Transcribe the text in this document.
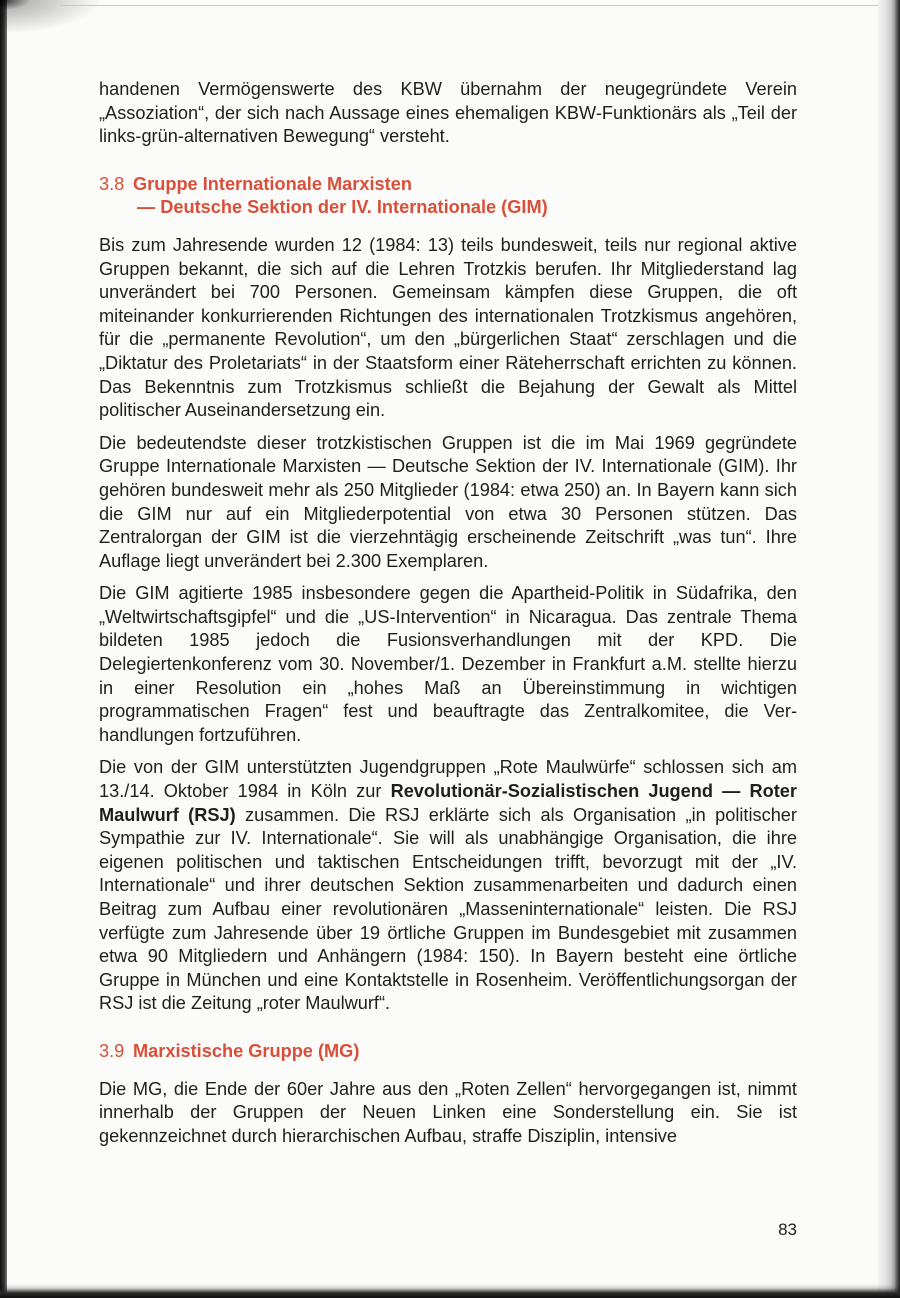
handenen Vermögenswerte des KBW übernahm der neugegründete Verein „Assoziation“, der sich nach Aussage eines ehemaligen KBW-Funktionärs als „Teil der links-grün-alternativen Bewegung“ versteht.

3.8 Gruppe Internationale Marxisten
— Deutsche Sektion der IV. Internationale (GIM)

Bis zum Jahresende wurden 12 (1984: 13) teils bundesweit, teils nur regional aktive Gruppen bekannt, die sich auf die Lehren Trotzkis berufen. Ihr Mitgliederstand lag unverändert bei 700 Personen. Gemeinsam kämpfen diese Gruppen, die oft miteinander konkurrierenden Richtungen des internationalen Trotzkismus angehören, für die „permanente Revolution“, um den „bürgerlichen Staat“ zerschlagen und die „Diktatur des Proletariats“ in der Staatsform einer Räteherrschaft errichten zu können. Das Bekenntnis zum Trotzkismus schließt die Bejahung der Gewalt als Mittel politischer Auseinandersetzung ein.

Die bedeutendste dieser trotzkistischen Gruppen ist die im Mai 1969 gegründete Gruppe Internationale Marxisten — Deutsche Sektion der IV. Internationale (GIM). Ihr gehören bundesweit mehr als 250 Mitglieder (1984: etwa 250) an. In Bayern kann sich die GIM nur auf ein Mitgliederpotential von etwa 30 Personen stützen. Das Zentralorgan der GIM ist die vierzehntägig erscheinende Zeitschrift „was tun“. Ihre Auflage liegt unverändert bei 2.300 Exemplaren.

Die GIM agitierte 1985 insbesondere gegen die Apartheid-Politik in Südafrika, den „Weltwirtschaftsgipfel“ und die „US-Intervention“ in Nicaragua. Das zentrale Thema bildeten 1985 jedoch die Fusionsverhandlungen mit der KPD. Die Delegiertenkonferenz vom 30. November/1. Dezember in Frankfurt a.M. stellte hierzu in einer Resolution ein „hohes Maß an Übereinstimmung in wichtigen programmatischen Fragen“ fest und beauftragte das Zentralkomitee, die Verhandlungen fortzuführen.

Die von der GIM unterstützten Jugendgruppen „Rote Maulwürfe“ schlossen sich am 13./14. Oktober 1984 in Köln zur Revolutionär-Sozialistischen Jugend — Roter Maulwurf (RSJ) zusammen. Die RSJ erklärte sich als Organisation „in politischer Sympathie zur IV. Internationale“. Sie will als unabhängige Organisation, die ihre eigenen politischen und taktischen Entscheidungen trifft, bevorzugt mit der „IV. Internationale“ und ihrer deutschen Sektion zusammenarbeiten und dadurch einen Beitrag zum Aufbau einer revolutionären „Masseninternationale“ leisten. Die RSJ verfügte zum Jahresende über 19 örtliche Gruppen im Bundesgebiet mit zusammen etwa 90 Mitgliedern und Anhängern (1984: 150). In Bayern besteht eine örtliche Gruppe in München und eine Kontaktstelle in Rosenheim. Veröffentlichungsorgan der RSJ ist die Zeitung „roter Maulwurf“.

3.9 Marxistische Gruppe (MG)

Die MG, die Ende der 60er Jahre aus den „Roten Zellen“ hervorgegangen ist, nimmt innerhalb der Gruppen der Neuen Linken eine Sonderstellung ein. Sie ist gekennzeichnet durch hierarchischen Aufbau, straffe Disziplin, intensive

83
